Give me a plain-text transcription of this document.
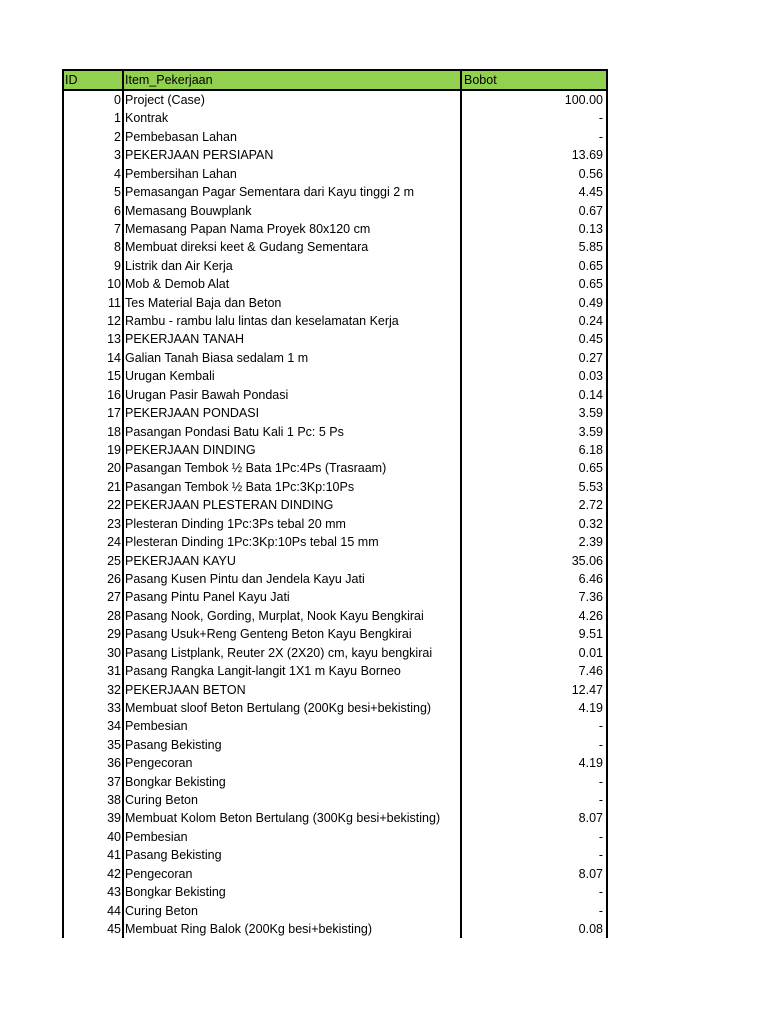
ID	Item_Pekerjaan	Bobot
0 Project (Case)	100.00
1 Kontrak	-
2 Pembebasan Lahan	-
3 PEKERJAAN PERSIAPAN	13.69
4 Pembersihan Lahan	0.56
5 Pemasangan Pagar Sementara dari Kayu tinggi 2 m	4.45
6 Memasang Bouwplank	0.67
7 Memasang Papan Nama Proyek 80x120 cm	0.13
8 Membuat direksi keet & Gudang Sementara	5.85
9 Listrik dan Air Kerja	0.65
10 Mob & Demob Alat	0.65
11 Tes Material Baja dan Beton	0.49
12 Rambu - rambu lalu lintas dan keselamatan Kerja	0.24
13 PEKERJAAN TANAH	0.45
14 Galian Tanah Biasa sedalam 1 m	0.27
15 Urugan Kembali	0.03
16 Urugan Pasir Bawah Pondasi	0.14
17 PEKERJAAN PONDASI	3.59
18 Pasangan Pondasi Batu Kali 1 Pc: 5 Ps	3.59
19 PEKERJAAN DINDING	6.18
20 Pasangan Tembok ½ Bata 1Pc:4Ps (Trasraam)	0.65
21 Pasangan Tembok ½ Bata 1Pc:3Kp:10Ps	5.53
22 PEKERJAAN PLESTERAN DINDING	2.72
23 Plesteran Dinding 1Pc:3Ps tebal 20 mm	0.32
24 Plesteran Dinding 1Pc:3Kp:10Ps tebal 15 mm	2.39
25 PEKERJAAN KAYU	35.06
26 Pasang Kusen Pintu dan Jendela Kayu Jati	6.46
27 Pasang Pintu Panel Kayu Jati	7.36
28 Pasang Nook, Gording, Murplat, Nook Kayu Bengkirai	4.26
29 Pasang Usuk+Reng Genteng Beton Kayu Bengkirai	9.51
30 Pasang Listplank, Reuter 2X (2X20) cm, kayu bengkirai	0.01
31 Pasang Rangka Langit-langit 1X1 m Kayu Borneo	7.46
32 PEKERJAAN BETON	12.47
33 Membuat sloof Beton Bertulang (200Kg besi+bekisting)	4.19
34 Pembesian	-
35 Pasang Bekisting	-
36 Pengecoran	4.19
37 Bongkar Bekisting	-
38 Curing Beton	-
39 Membuat Kolom Beton Bertulang (300Kg besi+bekisting)	8.07
40 Pembesian	-
41 Pasang Bekisting	-
42 Pengecoran	8.07
43 Bongkar Bekisting	-
44 Curing Beton	-
45 Membuat Ring Balok (200Kg besi+bekisting)	0.08
